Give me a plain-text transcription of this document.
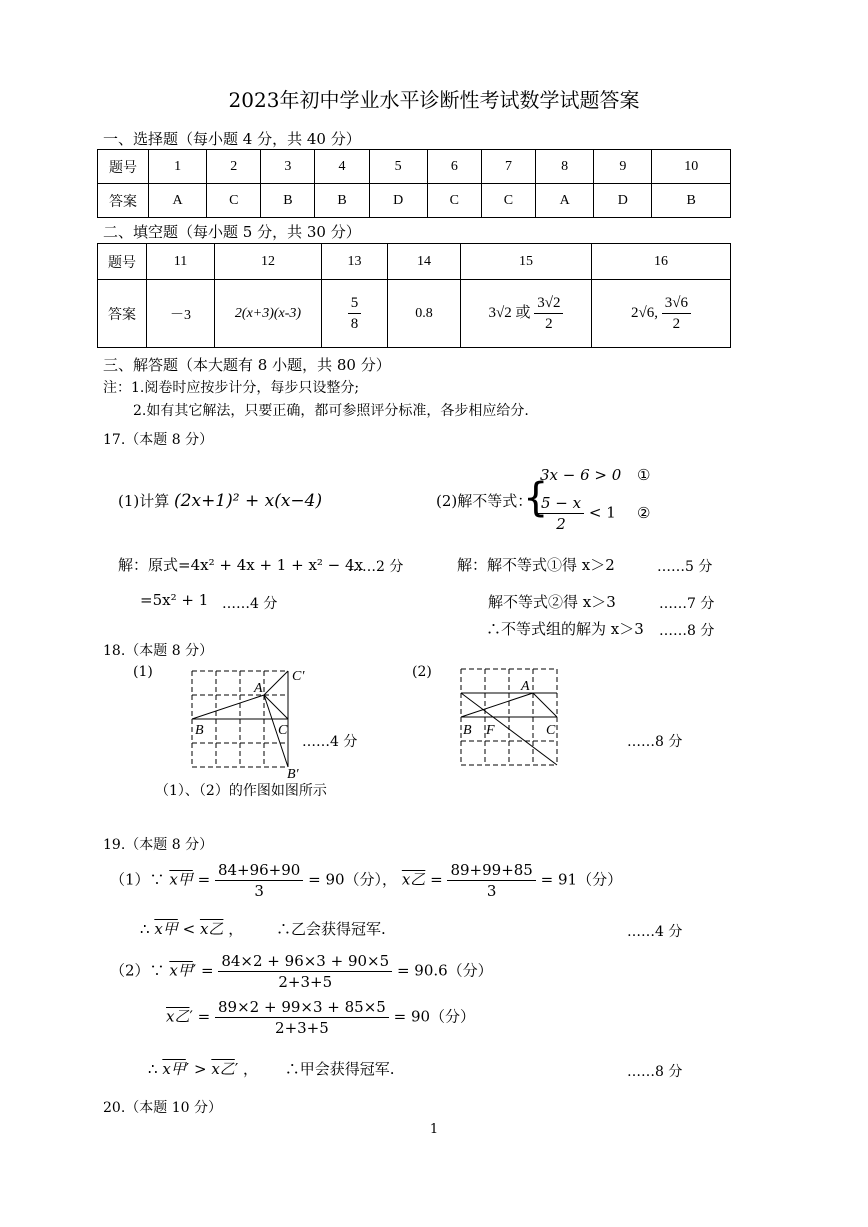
2023年初中学业水平诊断性考试数学试题答案
一、选择题（每小题 4 分，共 40 分）
题号	1	2	3	4	5	6	7	8	9	10
答案	A	C	B	B	D	C	C	A	D	B
二、填空题（每小题 5 分，共 30 分）
题号	11	12	13	14	15	16
答案	－3	2(x+3)(x-3)	$\frac{5}{8}$	0.8	3√2 或 $\frac{3√2}{2}$	2√6, $\frac{3√6}{2}$
三、解答题（本大题有 8 小题，共 80 分）
注：1.阅卷时应按步计分，每步只设整分;
2.如有其它解法，只要正确，都可参照评分标准，各步相应给分.
17.（本题 8 分）
(1)计算 (2x+1)² + x(x−4)	(2)解不等式：
{
3x − 6 > 0 ①
$\frac{5 - x}{2} < 1$ ②
解：原式=4x² + 4x + 1 + x² − 4x
……2 分
=5x² + 1 ……4 分
解：解不等式①得 x＞2	……5 分
解不等式②得 x＞3	……7 分
∴不等式组的解为 x＞3 ……8 分
18.（本题 8 分）
(1)	(2)
A
B	C
C′
B′
……4 分
A
B F	C
……8 分
（1）、（2）的作图如图所示
19.（本题 8 分）
（1）∵ x甲 = $\frac{84+96+90}{3} = 90$（分）， x乙 = $\frac{89+99+85}{3} = 91$（分）
∴ x甲 < x乙 ， ∴乙会获得冠军.	……4 分
（2）∵ x甲′ = $\frac{84\times 2 + 96\times 3 + 90\times 5}{2+3+5} = 90.6$（分）
x乙′ = $\frac{89\times 2 + 99\times 3 + 85\times 5}{2+3+5} = 90$（分）
∴ x甲′ > x乙′ ， ∴甲会获得冠军.	……8 分
20.（本题 10 分）
1
